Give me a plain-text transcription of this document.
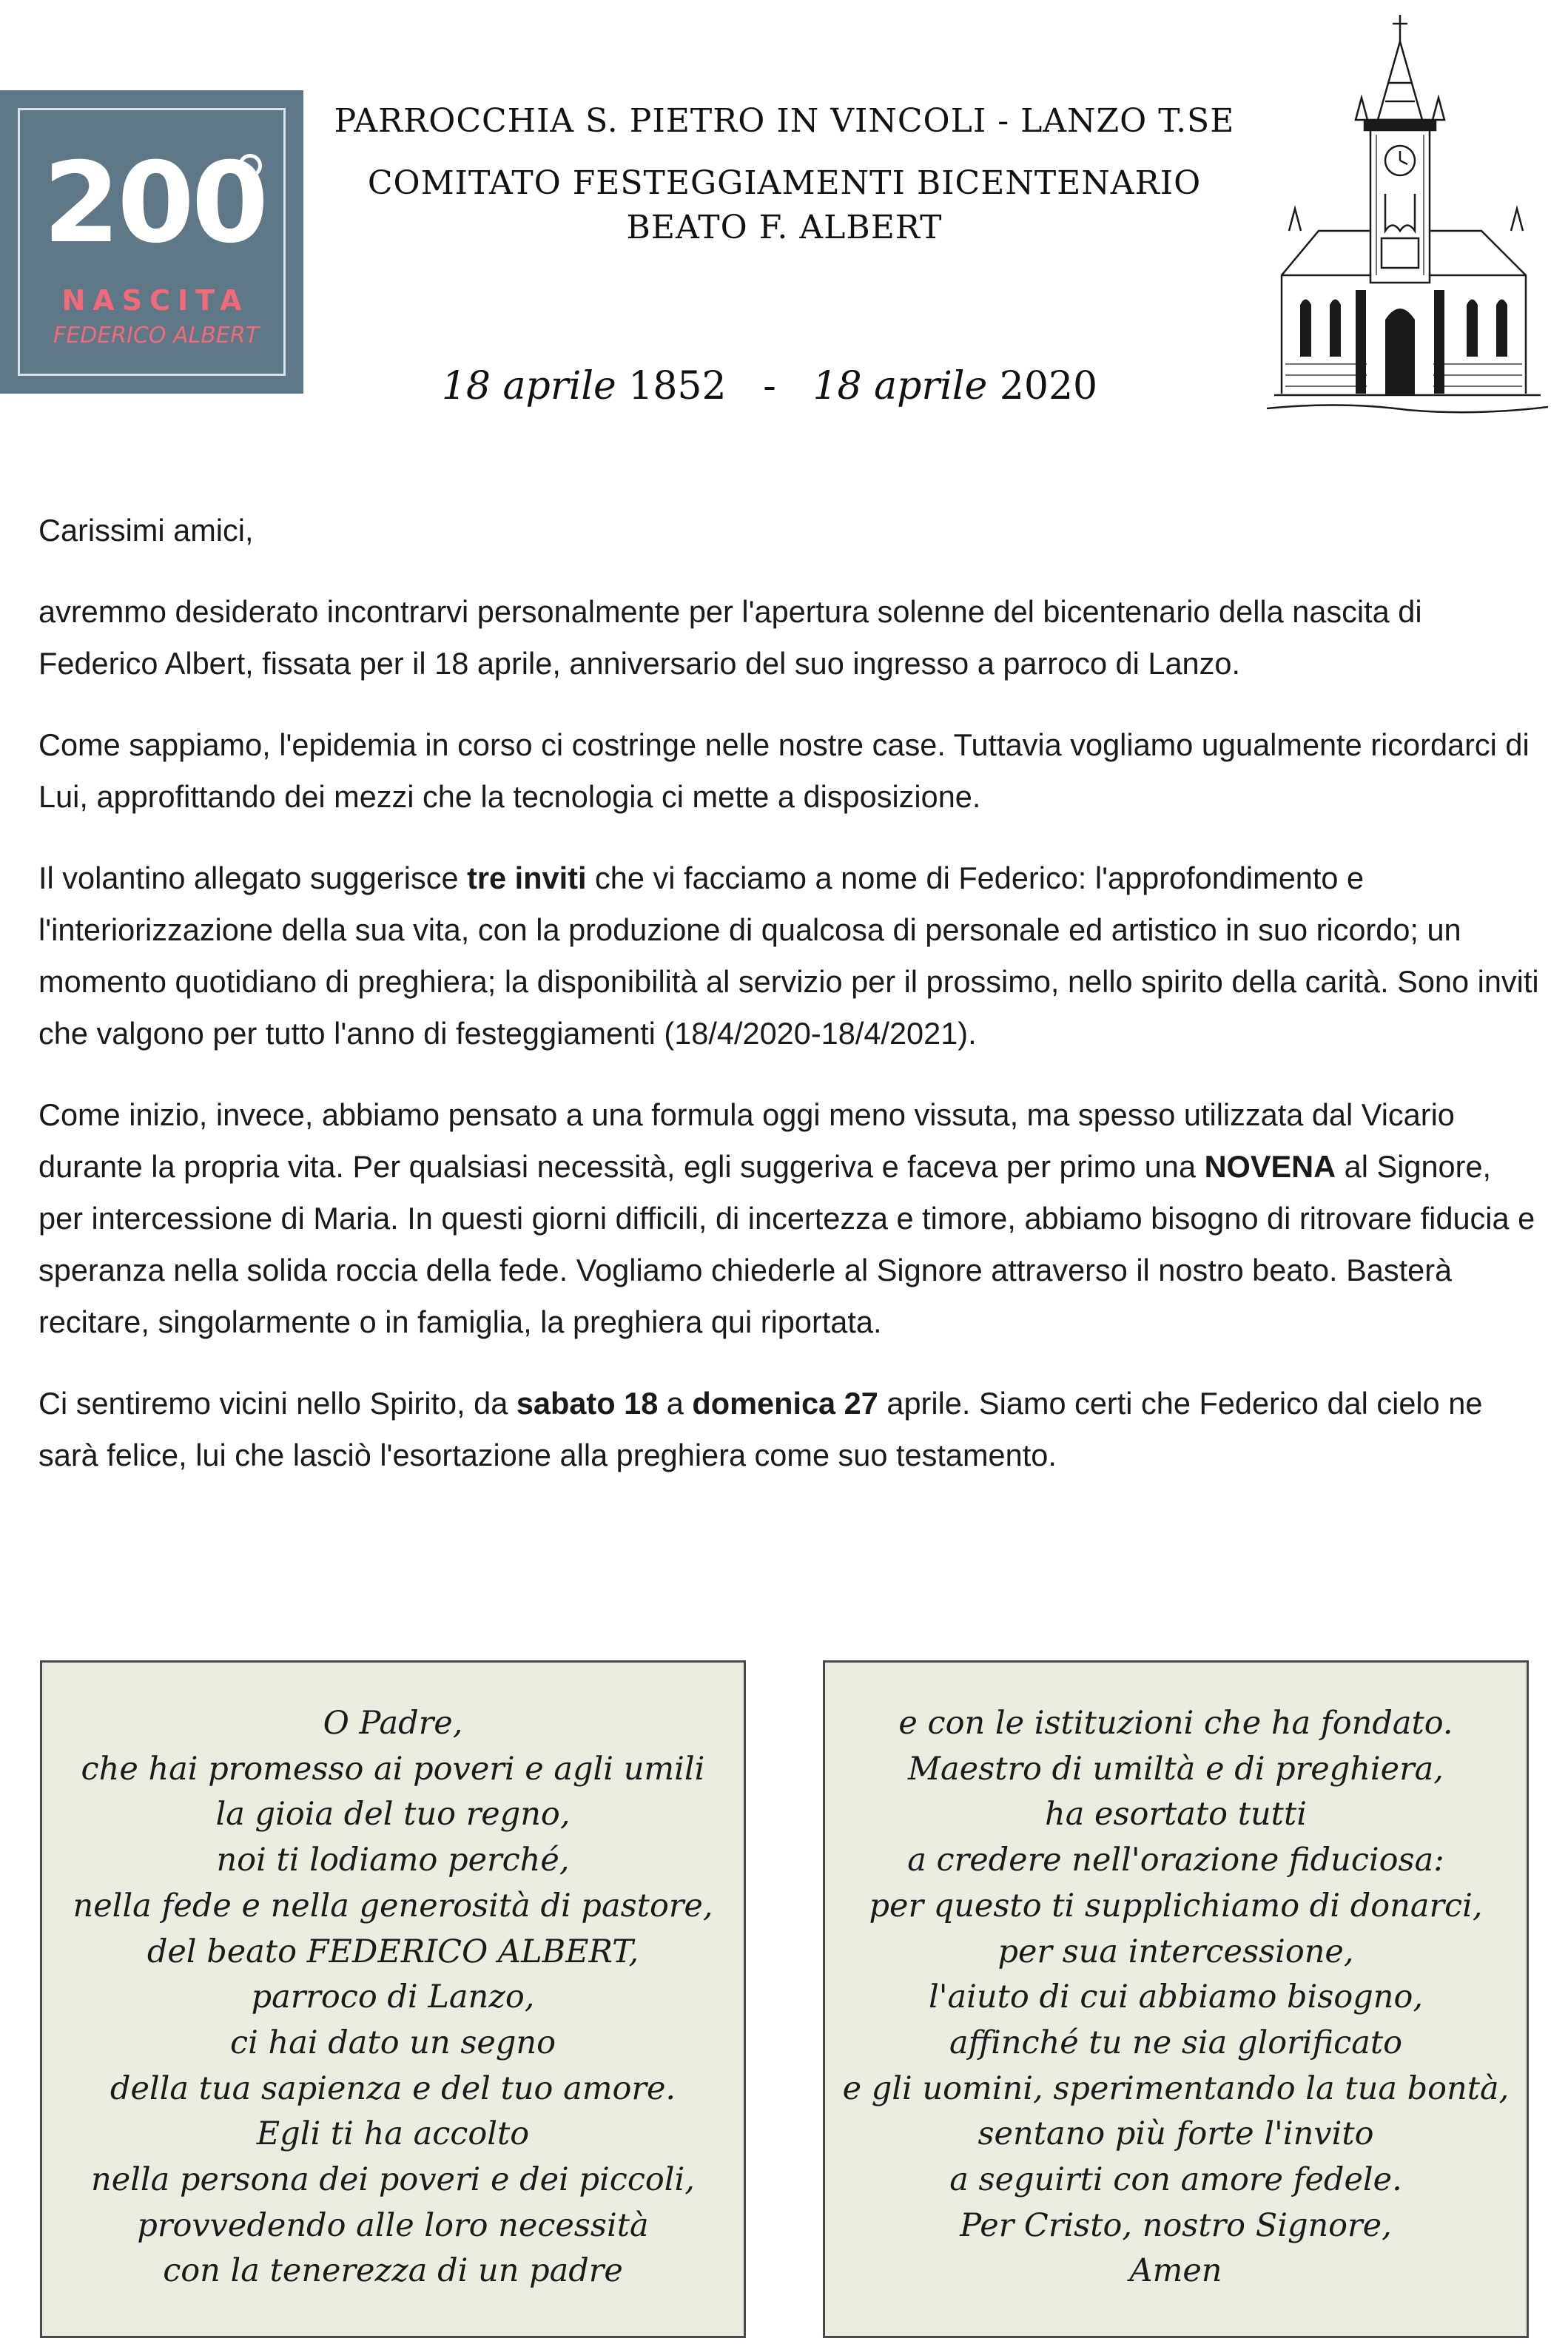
200
NASCITA
FEDERICO ALBERT
PARROCCHIA S. PIETRO IN VINCOLI - LANZO T.SE
COMITATO FESTEGGIAMENTI BICENTENARIO
BEATO F. ALBERT
18 aprile 1852 - 18 aprile 2020

Carissimi amici,

avremmo desiderato incontrarvi personalmente per l'apertura solenne del bicentenario della nascita di Federico Albert, fissata per il 18 aprile, anniversario del suo ingresso a parroco di Lanzo.

Come sappiamo, l'epidemia in corso ci costringe nelle nostre case. Tuttavia vogliamo ugualmente ricordarci di Lui, approfittando dei mezzi che la tecnologia ci mette a disposizione.

Il volantino allegato suggerisce tre inviti che vi facciamo a nome di Federico: l'approfondimento e l'interiorizzazione della sua vita, con la produzione di qualcosa di personale ed artistico in suo ricordo; un momento quotidiano di preghiera; la disponibilità al servizio per il prossimo, nello spirito della carità. Sono inviti che valgono per tutto l'anno di festeggiamenti (18/4/2020-18/4/2021).

Come inizio, invece, abbiamo pensato a una formula oggi meno vissuta, ma spesso utilizzata dal Vicario durante la propria vita. Per qualsiasi necessità, egli suggeriva e faceva per primo una NOVENA al Signore, per intercessione di Maria. In questi giorni difficili, di incertezza e timore, abbiamo bisogno di ritrovare fiducia e speranza nella solida roccia della fede. Vogliamo chiederle al Signore attraverso il nostro beato. Basterà recitare, singolarmente o in famiglia, la preghiera qui riportata.

Ci sentiremo vicini nello Spirito, da sabato 18 a domenica 27 aprile. Siamo certi che Federico dal cielo ne sarà felice, lui che lasciò l'esortazione alla preghiera come suo testamento.

O Padre,
che hai promesso ai poveri e agli umili
la gioia del tuo regno,
noi ti lodiamo perché,
nella fede e nella generosità di pastore,
del beato FEDERICO ALBERT,
parroco di Lanzo,
ci hai dato un segno
della tua sapienza e del tuo amore.
Egli ti ha accolto
nella persona dei poveri e dei piccoli,
provvedendo alle loro necessità
con la tenerezza di un padre
e con le istituzioni che ha fondato.
Maestro di umiltà e di preghiera,
ha esortato tutti
a credere nell'orazione fiduciosa:
per questo ti supplichiamo di donarci,
per sua intercessione,
l'aiuto di cui abbiamo bisogno,
affinché tu ne sia glorificato
e gli uomini, sperimentando la tua bontà,
sentano più forte l'invito
a seguirti con amore fedele.
Per Cristo, nostro Signore,
Amen
